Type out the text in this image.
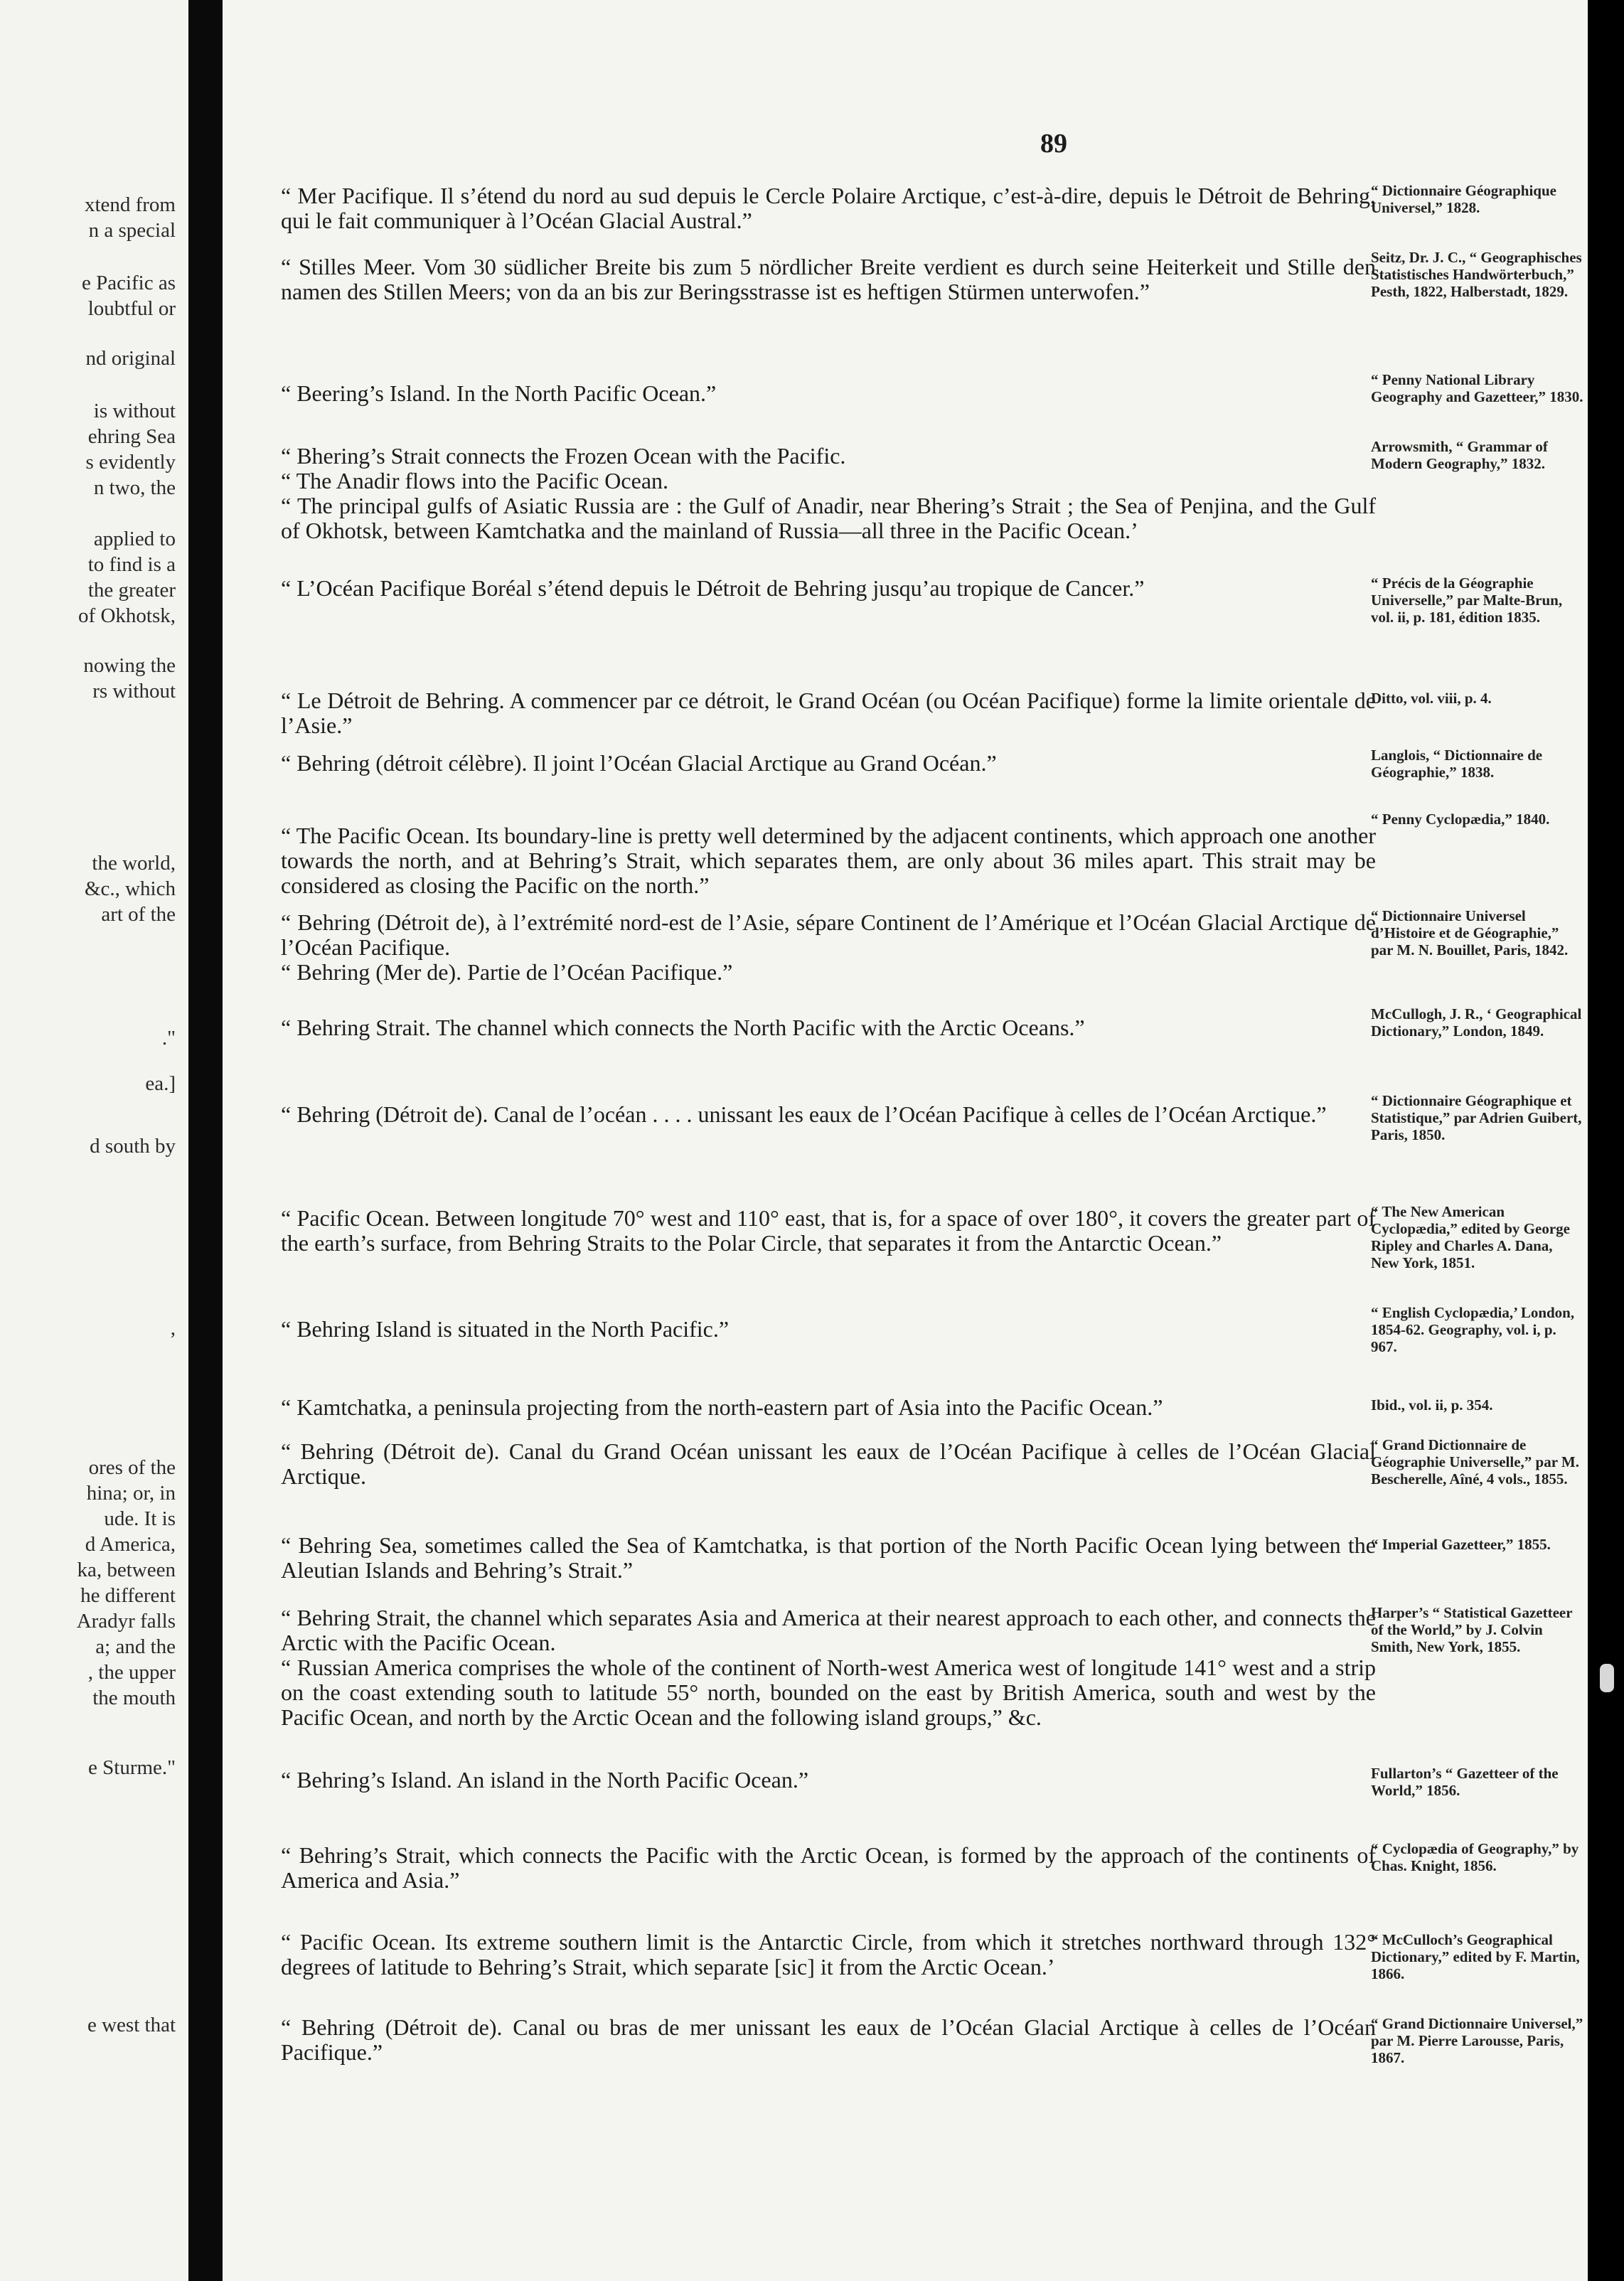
xtend from
n a special
e Pacific as
loubtful or
nd original
is without
ehring Sea
s evidently
n two, the
applied to
to find is a
the greater
of Okhotsk,
nowing the
rs without
the world,
&c., which
art of the
."
ea.]
d south by
,
ores of the
hina; or, in
ude. It is
d America,
ka, between
he different
Aradyr falls
a; and the
, the upper
the mouth
e Sturme."
e west that
89

“ Mer Pacifique. Il s’étend du nord au sud depuis le Cercle Polaire Arctique, c’est-à-dire, depuis le Détroit de Behring, qui le fait communiquer à l’Océan Glacial Austral.”

“ Stilles Meer. Vom 30 südlicher Breite bis zum 5 nördlicher Breite verdient es durch seine Heiterkeit und Stille den namen des Stillen Meers; von da an bis zur Beringsstrasse ist es heftigen Stürmen unterwofen.”

“ Beering’s Island. In the North Pacific Ocean.”

“ Bhering’s Strait connects the Frozen Ocean with the Pacific.

“ The Anadir flows into the Pacific Ocean.

“ The principal gulfs of Asiatic Russia are : the Gulf of Anadir, near Bhering’s Strait ; the Sea of Penjina, and the Gulf of Okhotsk, between Kamtchatka and the mainland of Russia—all three in the Pacific Ocean.’

“ L’Océan Pacifique Boréal s’étend depuis le Détroit de Behring jusqu’au tropique de Cancer.”

“ Le Détroit de Behring. A commencer par ce détroit, le Grand Océan (ou Océan Pacifique) forme la limite orientale de l’Asie.”

“ Behring (détroit célèbre). Il joint l’Océan Glacial Arctique au Grand Océan.”

“ The Pacific Ocean. Its boundary-line is pretty well determined by the adjacent continents, which approach one another towards the north, and at Behring’s Strait, which separates them, are only about 36 miles apart. This strait may be considered as closing the Pacific on the north.”

“ Behring (Détroit de), à l’extrémité nord-est de l’Asie, sépare Continent de l’Amérique et l’Océan Glacial Arctique de l’Océan Pacifique.

“ Behring (Mer de). Partie de l’Océan Pacifique.”

“ Behring Strait. The channel which connects the North Pacific with the Arctic Oceans.”

“ Behring (Détroit de). Canal de l’océan . . . . unissant les eaux de l’Océan Pacifique à celles de l’Océan Arctique.”

“ Pacific Ocean. Between longitude 70° west and 110° east, that is, for a space of over 180°, it covers the greater part of the earth’s surface, from Behring Straits to the Polar Circle, that separates it from the Antarctic Ocean.”

“ Behring Island is situated in the North Pacific.”

“ Kamtchatka, a peninsula projecting from the north-eastern part of Asia into the Pacific Ocean.”

“ Behring (Détroit de). Canal du Grand Océan unissant les eaux de l’Océan Pacifique à celles de l’Océan Glacial Arctique.

“ Behring Sea, sometimes called the Sea of Kamtchatka, is that portion of the North Pacific Ocean lying between the Aleutian Islands and Behring’s Strait.”

“ Behring Strait, the channel which separates Asia and America at their nearest approach to each other, and connects the Arctic with the Pacific Ocean.

“ Russian America comprises the whole of the continent of North-west America west of longitude 141° west and a strip on the coast extending south to latitude 55° north, bounded on the east by British America, south and west by the Pacific Ocean, and north by the Arctic Ocean and the following island groups,” &c.

“ Behring’s Island. An island in the North Pacific Ocean.”

“ Behring’s Strait, which connects the Pacific with the Arctic Ocean, is formed by the approach of the continents of America and Asia.”

“ Pacific Ocean. Its extreme southern limit is the Antarctic Circle, from which it stretches northward through 132° degrees of latitude to Behring’s Strait, which separate [sic] it from the Arctic Ocean.’

“ Behring (Détroit de). Canal ou bras de mer unissant les eaux de l’Océan Glacial Arctique à celles de l’Océan Pacifique.”

“ Dictionnaire Géographique Universel,” 1828.
Seitz, Dr. J. C., “ Geographisches Statistisches Handwörterbuch,” Pesth, 1822, Halberstadt, 1829.
“ Penny National Library Geography and Gazetteer,” 1830.
Arrowsmith, “ Grammar of Modern Geography,” 1832.
“ Précis de la Géographie Universelle,” par Malte-Brun, vol. ii, p. 181, édition 1835.
Ditto, vol. viii, p. 4.
Langlois, “ Dictionnaire de Géographie,” 1838.
“ Penny Cyclopædia,” 1840.
“ Dictionnaire Universel d’Histoire et de Géographie,” par M. N. Bouillet, Paris, 1842.
McCullogh, J. R., ‘ Geographical Dictionary,” London, 1849.
“ Dictionnaire Géographique et Statistique,” par Adrien Guibert, Paris, 1850.
“ The New American Cyclopædia,” edited by George Ripley and Charles A. Dana, New York, 1851.
“ English Cyclopædia,’ London, 1854-62. Geography, vol. i, p. 967.
Ibid., vol. ii, p. 354.
“ Grand Dictionnaire de Géographie Universelle,” par M. Bescherelle, Aîné, 4 vols., 1855.
“ Imperial Gazetteer,” 1855.
Harper’s “ Statistical Gazetteer of the World,” by J. Colvin Smith, New York, 1855.
Fullarton’s “ Gazetteer of the World,” 1856.
“ Cyclopædia of Geography,” by Chas. Knight, 1856.
“ McCulloch’s Geographical Dictionary,” edited by F. Martin, 1866.
“ Grand Dictionnaire Universel,” par M. Pierre Larousse, Paris, 1867.
